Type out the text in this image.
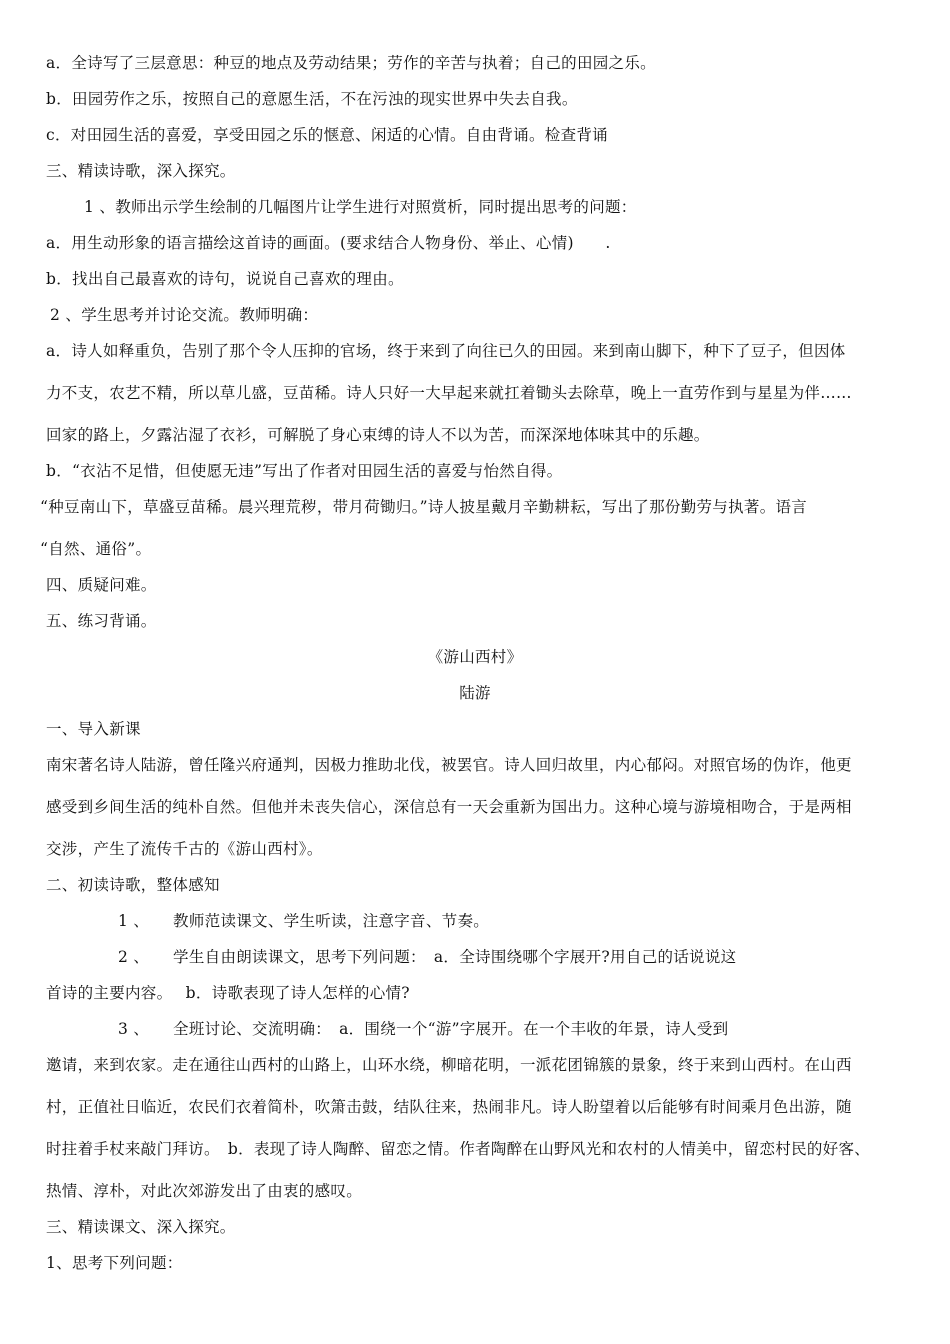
a．全诗写了三层意思：种豆的地点及劳动结果；劳作的辛苦与执着；自己的田园之乐。
b．田园劳作之乐，按照自己的意愿生活，不在污浊的现实世界中失去自我。
c．对田园生活的喜爱，享受田园之乐的惬意、闲适的心情。自由背诵。检查背诵
三、精读诗歌，深入探究。
1 、教师出示学生绘制的几幅图片让学生进行对照赏析，同时提出思考的问题：
a．用生动形象的语言描绘这首诗的画面。(要求结合人物身份、举止、心情)　　.
b．找出自己最喜欢的诗句，说说自己喜欢的理由。
2 、学生思考并讨论交流。教师明确：
a．诗人如释重负，告别了那个令人压抑的官场，终于来到了向往已久的田园。来到南山脚下，种下了豆子，但因体
力不支，农艺不精，所以草儿盛，豆苗稀。诗人只好一大早起来就扛着锄头去除草，晚上一直劳作到与星星为伴……
回家的路上，夕露沾湿了衣衫，可解脱了身心束缚的诗人不以为苦，而深深地体味其中的乐趣。
b．“衣沾不足惜，但使愿无违”写出了作者对田园生活的喜爱与怡然自得。
“种豆南山下，草盛豆苗稀。晨兴理荒秽，带月荷锄归。”诗人披星戴月辛勤耕耘，写出了那份勤劳与执著。语言
“自然、通俗”。
四、质疑问难。
五、练习背诵。
《游山西村》
陆游
一、导入新课
南宋著名诗人陆游，曾任隆兴府通判，因极力推助北伐，被罢官。诗人回归故里，内心郁闷。对照官场的伪诈，他更
感受到乡间生活的纯朴自然。但他并未丧失信心，深信总有一天会重新为国出力。这种心境与游境相吻合，于是两相
交涉，产生了流传千古的《游山西村》。
二、初读诗歌，整体感知
1 、　　教师范读课文、学生听读，注意字音、节奏。
2 、　　学生自由朗读课文，思考下列问题：　a．全诗围绕哪个字展开?用自己的话说说这
首诗的主要内容。　 b．诗歌表现了诗人怎样的心情?
3 、　　全班讨论、交流明确：　a．围绕一个“游”字展开。在一个丰收的年景，诗人受到
邀请，来到农家。走在通往山西村的山路上，山环水绕，柳暗花明，一派花团锦簇的景象，终于来到山西村。在山西
村，正值社日临近，农民们衣着简朴，吹箫击鼓，结队往来，热闹非凡。诗人盼望着以后能够有时间乘月色出游，随
时拄着手杖来敲门拜访。　b．表现了诗人陶醉、留恋之情。作者陶醉在山野风光和农村的人情美中，留恋村民的好客、
热情、淳朴，对此次郊游发出了由衷的感叹。
三、精读课文、深入探究。
1、思考下列问题：
